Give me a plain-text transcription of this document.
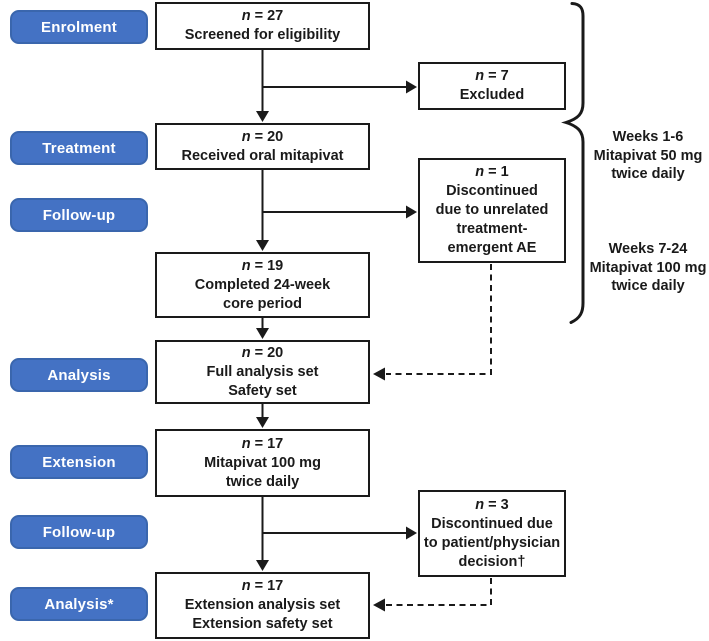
Enrolment
Treatment
Follow-up
Analysis
Extension
Follow-up
Analysis*
n = 27
Screened for eligibility
n = 20
Received oral mitapivat
n = 19
Completed 24-week
core period
n = 20
Full analysis set
Safety set
n = 17
Mitapivat 100 mg
twice daily
n = 17
Extension analysis set
Extension safety set
n = 7
Excluded
n = 1
Discontinued
due to unrelated
treatment-
emergent AE
n = 3
Discontinued due
to patient/physician
decision†
Weeks 1-6
Mitapivat 50 mg
twice daily
Weeks 7-24
Mitapivat 100 mg
twice daily
